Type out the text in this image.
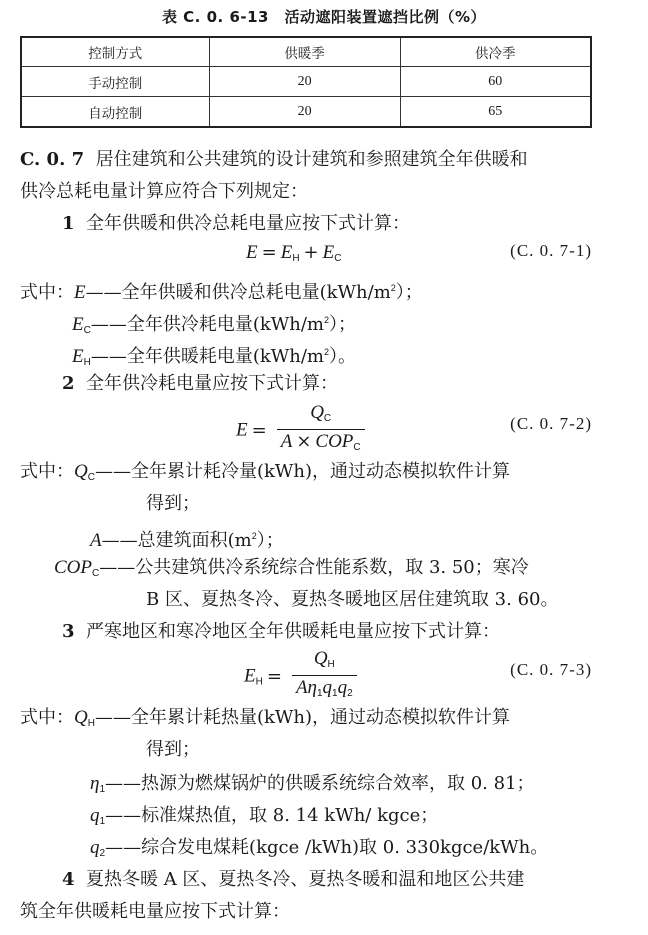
表 C. 0. 6-13　活动遮阳装置遮挡比例（%）
控制方式	供暖季	供冷季
手动控制	20	60
自动控制	20	65
C. 0. 7 居住建筑和公共建筑的设计建筑和参照建筑全年供暖和
供冷总耗电量计算应符合下列规定：
1 全年供暖和供冷总耗电量应按下式计算：
$E = E_H + E_C$	(C. 0. 7-1)
式中：E——全年供暖和供冷总耗电量$(kWh/m^2)$；
$E_C——$全年供冷耗电量$(kWh/m^2)$；
$E_H——$全年供暖耗电量$(kWh/m^2)$。
2 全年供冷耗电量应按下式计算：
$E = \frac{Q_C}{A \times COP_C}$	(C. 0. 7-2)
式中：$Q_C——$全年累计耗冷量(kWh)，通过动态模拟软件计算
得到；
A——总建筑面积$(m^2)$；
$COP_C——$公共建筑供冷系统综合性能系数，取 3. 50；寒冷
B 区、夏热冬冷、夏热冬暖地区居住建筑取 3. 60。
3 严寒地区和寒冷地区全年供暖耗电量应按下式计算：
$E_H = \frac{Q_H}{A\eta_1q_1q_2}$	(C. 0. 7-3)
式中：$Q_H——$全年累计耗热量(kWh)，通过动态模拟软件计算
得到；
$\eta_1——$热源为燃煤锅炉的供暖系统综合效率，取 0. 81；
$q_1——$标准煤热值，取 8. 14 kWh/ kgce；
$q_2——$综合发电煤耗(kgce /kWh)取 0. 330kgce/kWh。
4 夏热冬暖 A 区、夏热冬冷、夏热冬暖和温和地区公共建
筑全年供暖耗电量应按下式计算：
